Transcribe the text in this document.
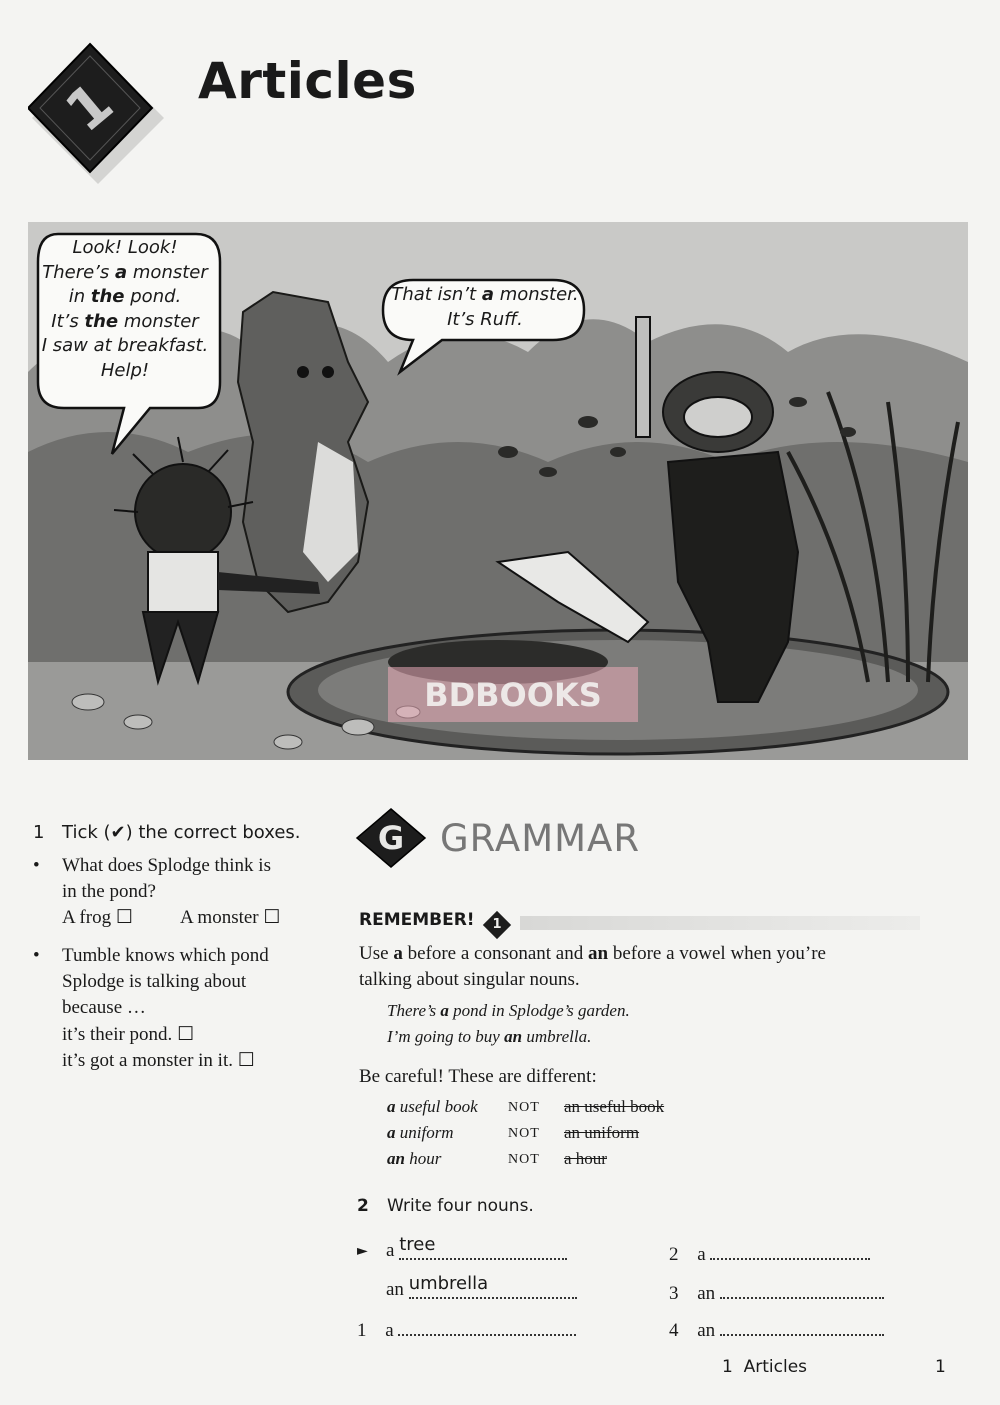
1 Articles
BDBOOKS
Look! Look!
There’s a monster
in the pond.
It’s the monster
I saw at breakfast.
Help!
That isn’t a monster.
It’s Ruff.
1 Tick (✔) the correct boxes.
• What does Splodge think is
in the pond?
A frog ☐ A monster ☐
• Tumble knows which pond
Splodge is talking about
because …
it’s their pond. ☐
it’s got a monster in it. ☐
G GRAMMAR
REMEMBER!	1
Use a before a consonant and an before a vowel when you’re
talking about singular nouns.
There’s a pond in Splodge’s garden.
I’m going to buy an umbrella.
Be careful! These are different:
a useful book NOT an useful book
a uniform	NOT an uniform
an hour	NOT a hour
2 Write four nouns.
► a tree
an umbrella
1 a
2 a
3 an
4 an
1  Articles	1
